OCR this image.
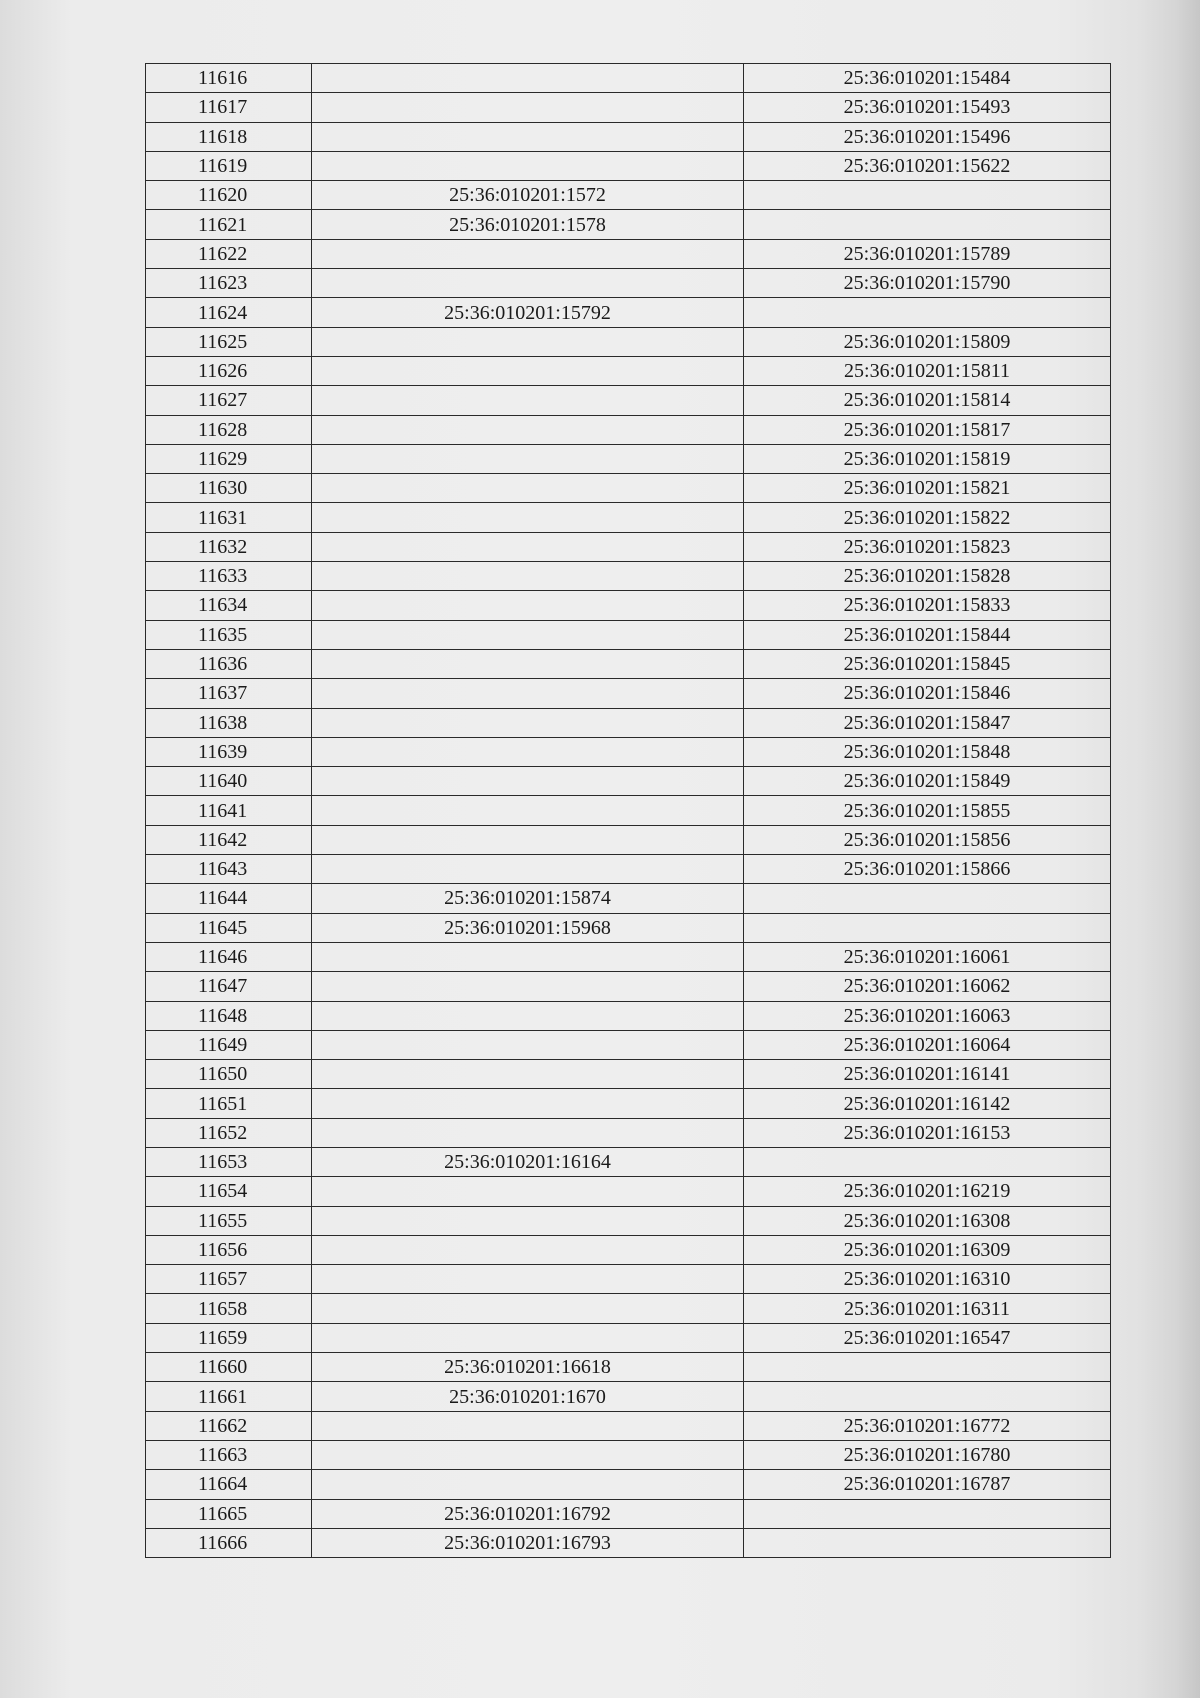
11616		25:36:010201:15484
11617		25:36:010201:15493
11618		25:36:010201:15496
11619		25:36:010201:15622
11620	25:36:010201:1572	
11621	25:36:010201:1578	
11622		25:36:010201:15789
11623		25:36:010201:15790
11624	25:36:010201:15792	
11625		25:36:010201:15809
11626		25:36:010201:15811
11627		25:36:010201:15814
11628		25:36:010201:15817
11629		25:36:010201:15819
11630		25:36:010201:15821
11631		25:36:010201:15822
11632		25:36:010201:15823
11633		25:36:010201:15828
11634		25:36:010201:15833
11635		25:36:010201:15844
11636		25:36:010201:15845
11637		25:36:010201:15846
11638		25:36:010201:15847
11639		25:36:010201:15848
11640		25:36:010201:15849
11641		25:36:010201:15855
11642		25:36:010201:15856
11643		25:36:010201:15866
11644	25:36:010201:15874	
11645	25:36:010201:15968	
11646		25:36:010201:16061
11647		25:36:010201:16062
11648		25:36:010201:16063
11649		25:36:010201:16064
11650		25:36:010201:16141
11651		25:36:010201:16142
11652		25:36:010201:16153
11653	25:36:010201:16164	
11654		25:36:010201:16219
11655		25:36:010201:16308
11656		25:36:010201:16309
11657		25:36:010201:16310
11658		25:36:010201:16311
11659		25:36:010201:16547
11660	25:36:010201:16618	
11661	25:36:010201:1670	
11662		25:36:010201:16772
11663		25:36:010201:16780
11664		25:36:010201:16787
11665	25:36:010201:16792	
11666	25:36:010201:16793	
